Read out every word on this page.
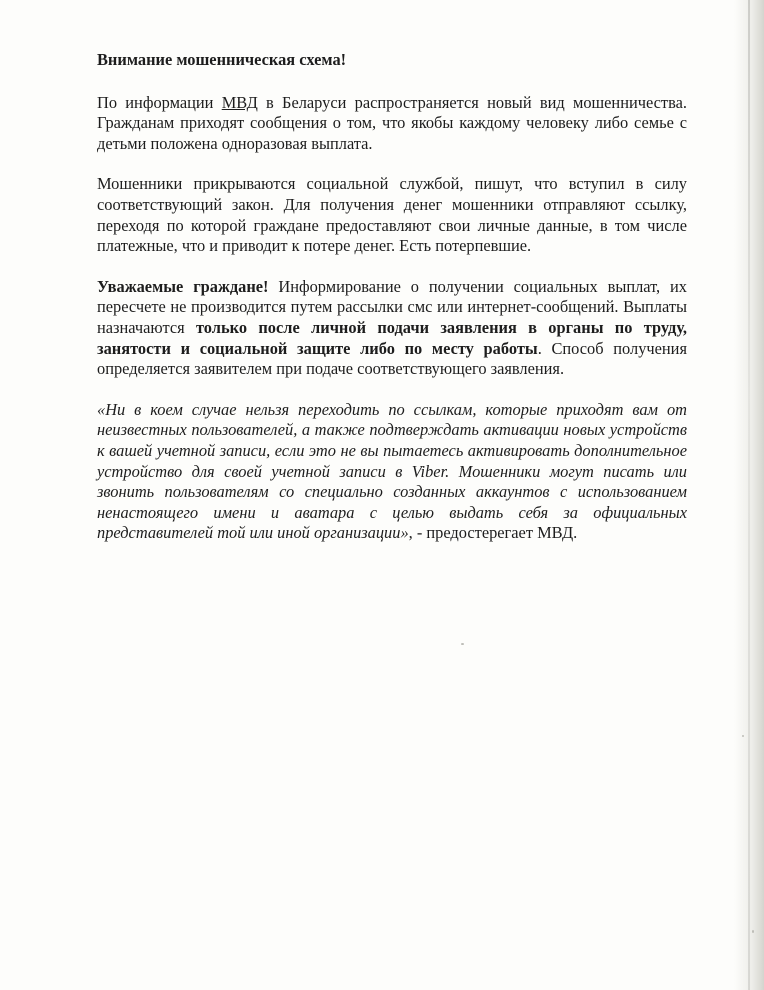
Внимание мошенническая схема!

По информации МВД в Беларуси распространяется новый вид мошенничества. Гражданам приходят сообщения о том, что якобы каждому человеку либо семье с детьми положена одноразовая выплата.

Мошенники прикрываются социальной службой, пишут, что вступил в силу соответствующий закон. Для получения денег мошенники отправляют ссылку, переходя по которой граждане предоставляют свои личные данные, в том числе платежные, что и приводит к потере денег. Есть потерпевшие.

Уважаемые граждане! Информирование о получении социальных выплат, их пересчете не производится путем рассылки смс или интернет-сообщений. Выплаты назначаются только после личной подачи заявления в органы по труду, занятости и социальной защите либо по месту работы. Способ получения определяется заявителем при подаче соответствующего заявления.

«Ни в коем случае нельзя переходить по ссылкам, которые приходят вам от неизвестных пользователей, а также подтверждать активации новых устройств к вашей учетной записи, если это не вы пытаетесь активировать дополнительное устройство для своей учетной записи в Viber. Мошенники могут писать или звонить пользователям со специально созданных аккаунтов с использованием ненастоящего имени и аватара с целью выдать себя за официальных представителей той или иной организации», - предостерегает МВД.
